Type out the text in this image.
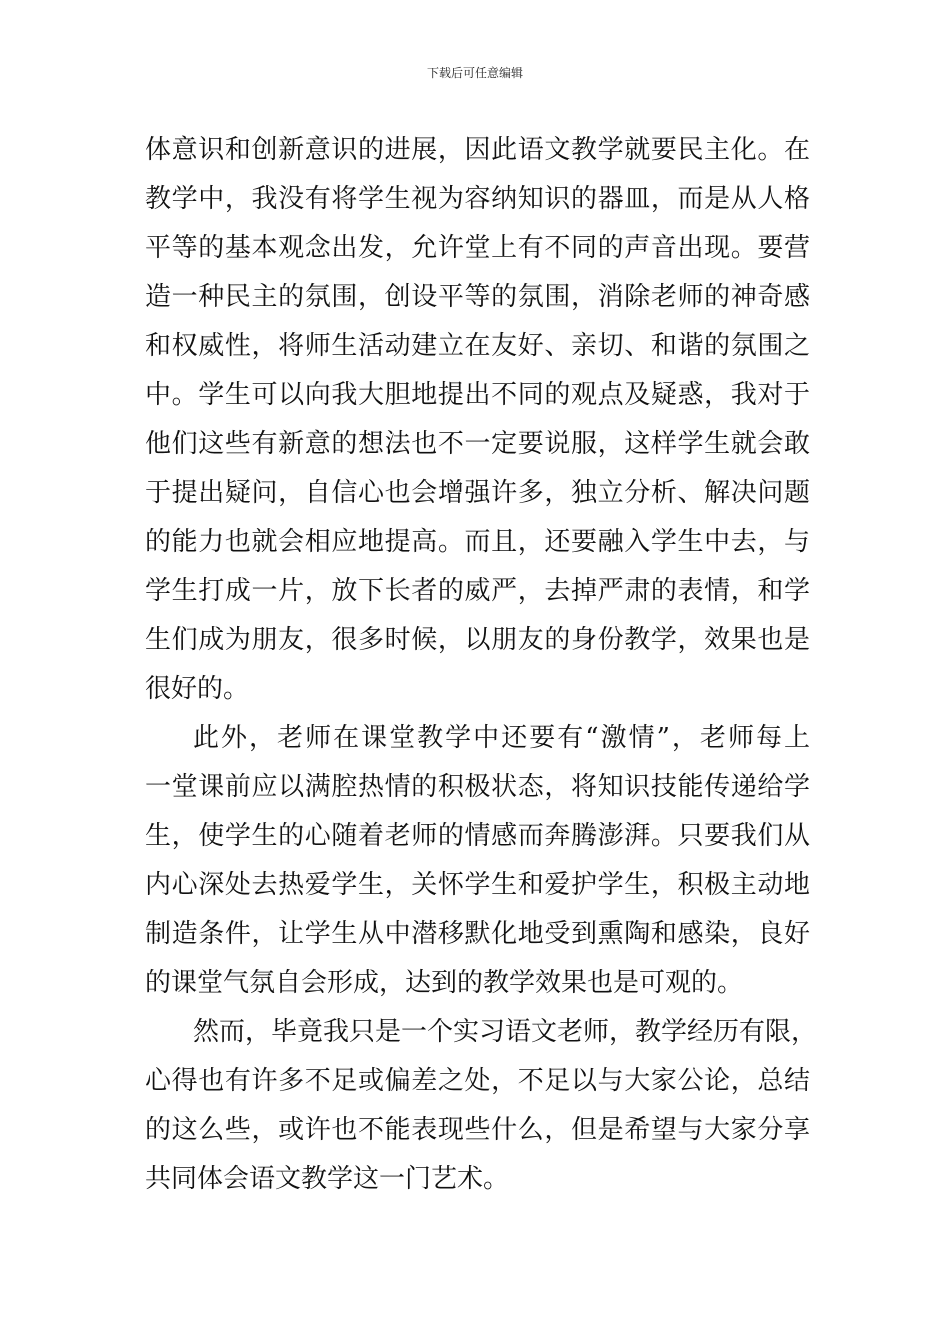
下载后可任意编辑
体意识和创新意识的进展，因此语文教学就要民主化。在
教学中，我没有将学生视为容纳知识的器皿，而是从人格
平等的基本观念出发，允许堂上有不同的声音出现。要营
造一种民主的氛围，创设平等的氛围，消除老师的神奇感
和权威性，将师生活动建立在友好、亲切、和谐的氛围之
中。学生可以向我大胆地提出不同的观点及疑惑，我对于
他们这些有新意的想法也不一定要说服，这样学生就会敢
于提出疑问，自信心也会增强许多，独立分析、解决问题
的能力也就会相应地提高。而且，还要融入学生中去，与
学生打成一片，放下长者的威严，去掉严肃的表情，和学
生们成为朋友，很多时候，以朋友的身份教学，效果也是
很好的。
此外，老师在课堂教学中还要有“激情”，老师每上
一堂课前应以满腔热情的积极状态，将知识技能传递给学
生，使学生的心随着老师的情感而奔腾澎湃。只要我们从
内心深处去热爱学生，关怀学生和爱护学生，积极主动地
制造条件，让学生从中潜移默化地受到熏陶和感染，良好
的课堂气氛自会形成，达到的教学效果也是可观的。
然而，毕竟我只是一个实习语文老师，教学经历有限，
心得也有许多不足或偏差之处，不足以与大家公论，总结
的这么些，或许也不能表现些什么，但是希望与大家分享
共同体会语文教学这一门艺术。
